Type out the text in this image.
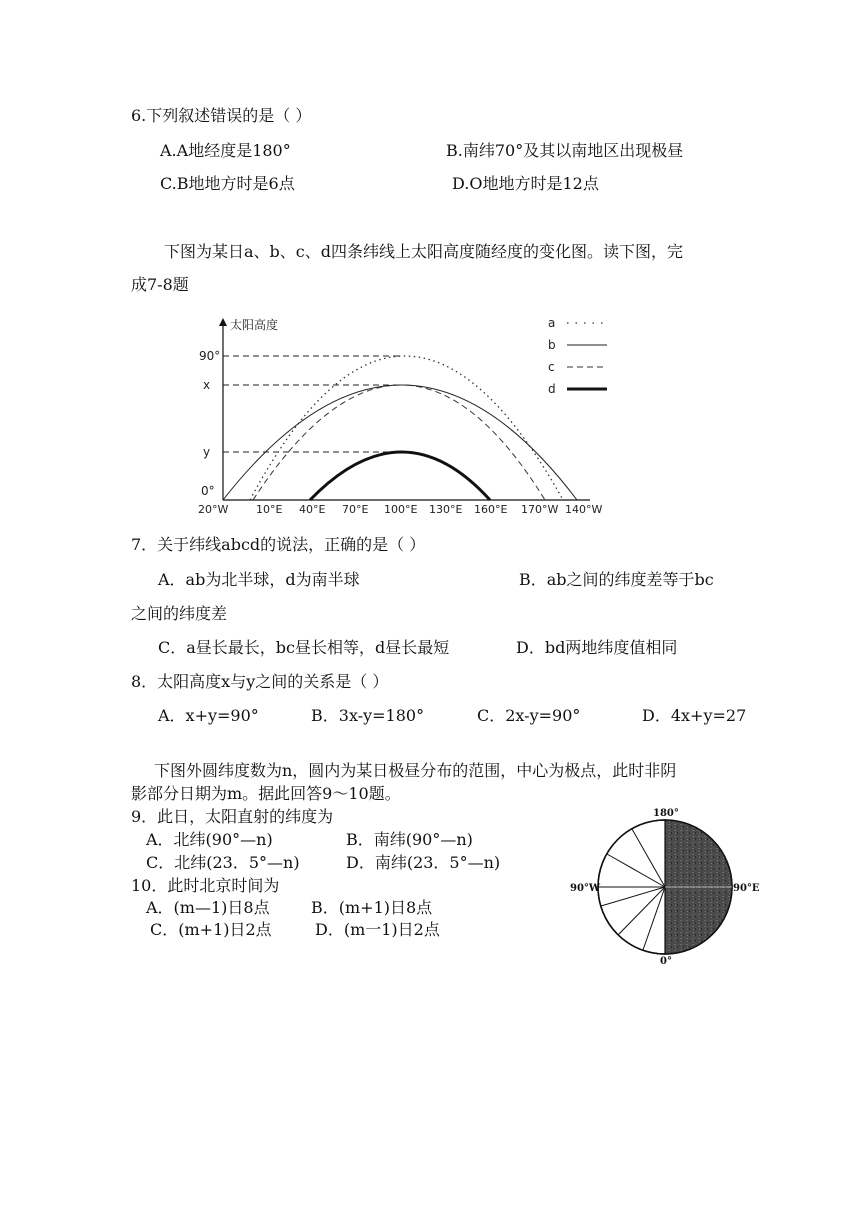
6.下列叙述错误的是（ ）
A.A地经度是180°	B.南纬70°及其以南地区出现极昼
C.B地地方时是6点	D.O地地方时是12点
下图为某日a、b、c、d四条纬线上太阳高度随经度的变化图。读下图，完
成7-8题
太阳高度
90°
x
y
0°
20°W	10°E 40°E 70°E 100°E 130°E 160°E 170°W 140°W
a
b
c
d
7．关于纬线abcd的说法，正确的是（ ）
A．ab为北半球，d为南半球	B．ab之间的纬度差等于bc
之间的纬度差
C．a昼长最长，bc昼长相等，d昼长最短	D．bd两地纬度值相同
8．太阳高度x与y之间的关系是（ ）
A．x+y=90°	B．3x-y=180°	C．2x-y=90°	D．4x+y=27
下图外圆纬度数为n，圆内为某日极昼分布的范围，中心为极点，此时非阴
影部分日期为m。据此回答9～10题。
9．此日，太阳直射的纬度为
A．北纬(90°—n)	B．南纬(90°—n)
C．北纬(23．5°—n)	D．南纬(23．5°—n)
10．此时北京时间为
A．(m—1)日8点	B．(m+1)日8点
C．(m+1)日2点	D．(m一1)日2点
180°
90°W	90°E
0°
